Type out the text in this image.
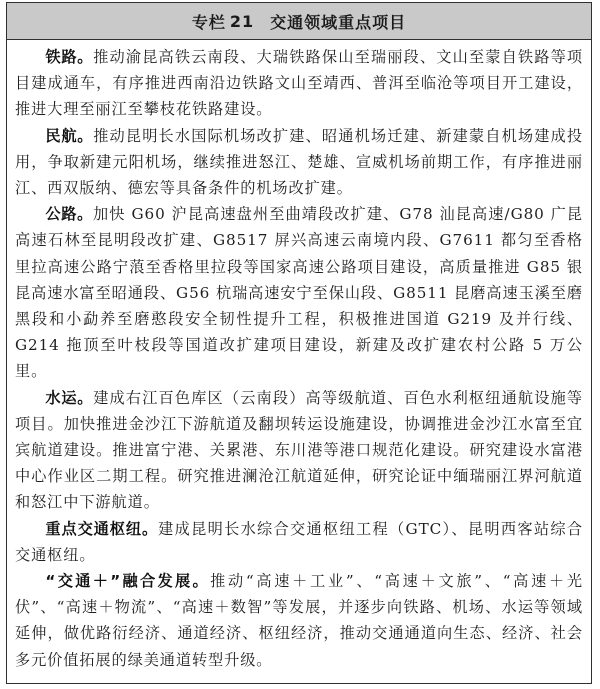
专栏 21 交通领域重点项目

铁路。推动渝昆高铁云南段、大瑞铁路保山至瑞丽段、文山至蒙自铁路等项目建成通车，有序推进西南沿边铁路文山至靖西、普洱至临沧等项目开工建设，推进大理至丽江至攀枝花铁路建设。

民航。推动昆明长水国际机场改扩建、昭通机场迁建、新建蒙自机场建成投用，争取新建元阳机场，继续推进怒江、楚雄、宣威机场前期工作，有序推进丽江、西双版纳、德宏等具备条件的机场改扩建。

公路。加快 G60 沪昆高速盘州至曲靖段改扩建、G78 汕昆高速/G80 广昆高速石林至昆明段改扩建、G8517 屏兴高速云南境内段、G7611 都匀至香格里拉高速公路宁蒗至香格里拉段等国家高速公路项目建设，高质量推进 G85 银昆高速水富至昭通段、G56 杭瑞高速安宁至保山段、G8511 昆磨高速玉溪至磨黑段和小勐养至磨憨段安全韧性提升工程，积极推进国道 G219 及并行线、G214 拖顶至叶枝段等国道改扩建项目建设，新建及改扩建农村公路 5 万公里。

水运。建成右江百色库区（云南段）高等级航道、百色水利枢纽通航设施等项目。加快推进金沙江下游航道及翻坝转运设施建设，协调推进金沙江水富至宜宾航道建设。推进富宁港、关累港、东川港等港口规范化建设。研究建设水富港中心作业区二期工程。研究推进澜沧江航道延伸，研究论证中缅瑞丽江界河航道和怒江中下游航道。

重点交通枢纽。建成昆明长水综合交通枢纽工程（GTC）、昆明西客站综合交通枢纽。

“交通＋”融合发展。推动“高速＋工业”、“高速＋文旅”、“高速＋光伏”、“高速＋物流”、“高速＋数智”等发展，并逐步向铁路、机场、水运等领域延伸，做优路衍经济、通道经济、枢纽经济，推动交通通道向生态、经济、社会多元价值拓展的绿美通道转型升级。
